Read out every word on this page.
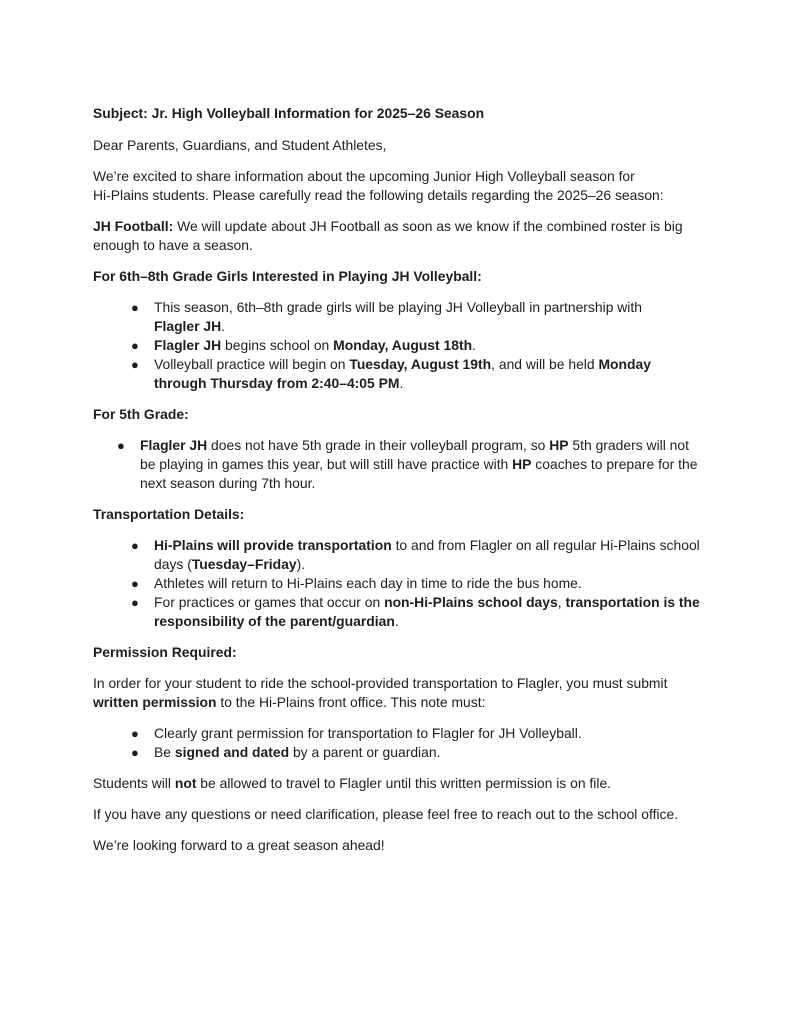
Subject: Jr. High Volleyball Information for 2025–26 Season

Dear Parents, Guardians, and Student Athletes,

We’re excited to share information about the upcoming Junior High Volleyball season for
Hi-Plains students. Please carefully read the following details regarding the 2025–26 season:

JH Football: We will update about JH Football as soon as we know if the combined roster is big enough to have a season.

For 6th–8th Grade Girls Interested in Playing JH Volleyball:

● This season, 6th–8th grade girls will be playing JH Volleyball in partnership with
Flagler JH.
● Flagler JH begins school on Monday, August 18th.
● Volleyball practice will begin on Tuesday, August 19th, and will be held Monday through Thursday from 2:40–4:05 PM.

For 5th Grade:

● Flagler JH does not have 5th grade in their volleyball program, so HP 5th graders will not be playing in games this year, but will still have practice with HP coaches to prepare for the next season during 7th hour.

Transportation Details:

● Hi-Plains will provide transportation to and from Flagler on all regular Hi-Plains school days (Tuesday–Friday).
● Athletes will return to Hi-Plains each day in time to ride the bus home.
● For practices or games that occur on non-Hi-Plains school days, transportation is the responsibility of the parent/guardian.

Permission Required:

In order for your student to ride the school-provided transportation to Flagler, you must submit written permission to the Hi-Plains front office. This note must:

● Clearly grant permission for transportation to Flagler for JH Volleyball.
● Be signed and dated by a parent or guardian.

Students will not be allowed to travel to Flagler until this written permission is on file.

If you have any questions or need clarification, please feel free to reach out to the school office.

We’re looking forward to a great season ahead!
